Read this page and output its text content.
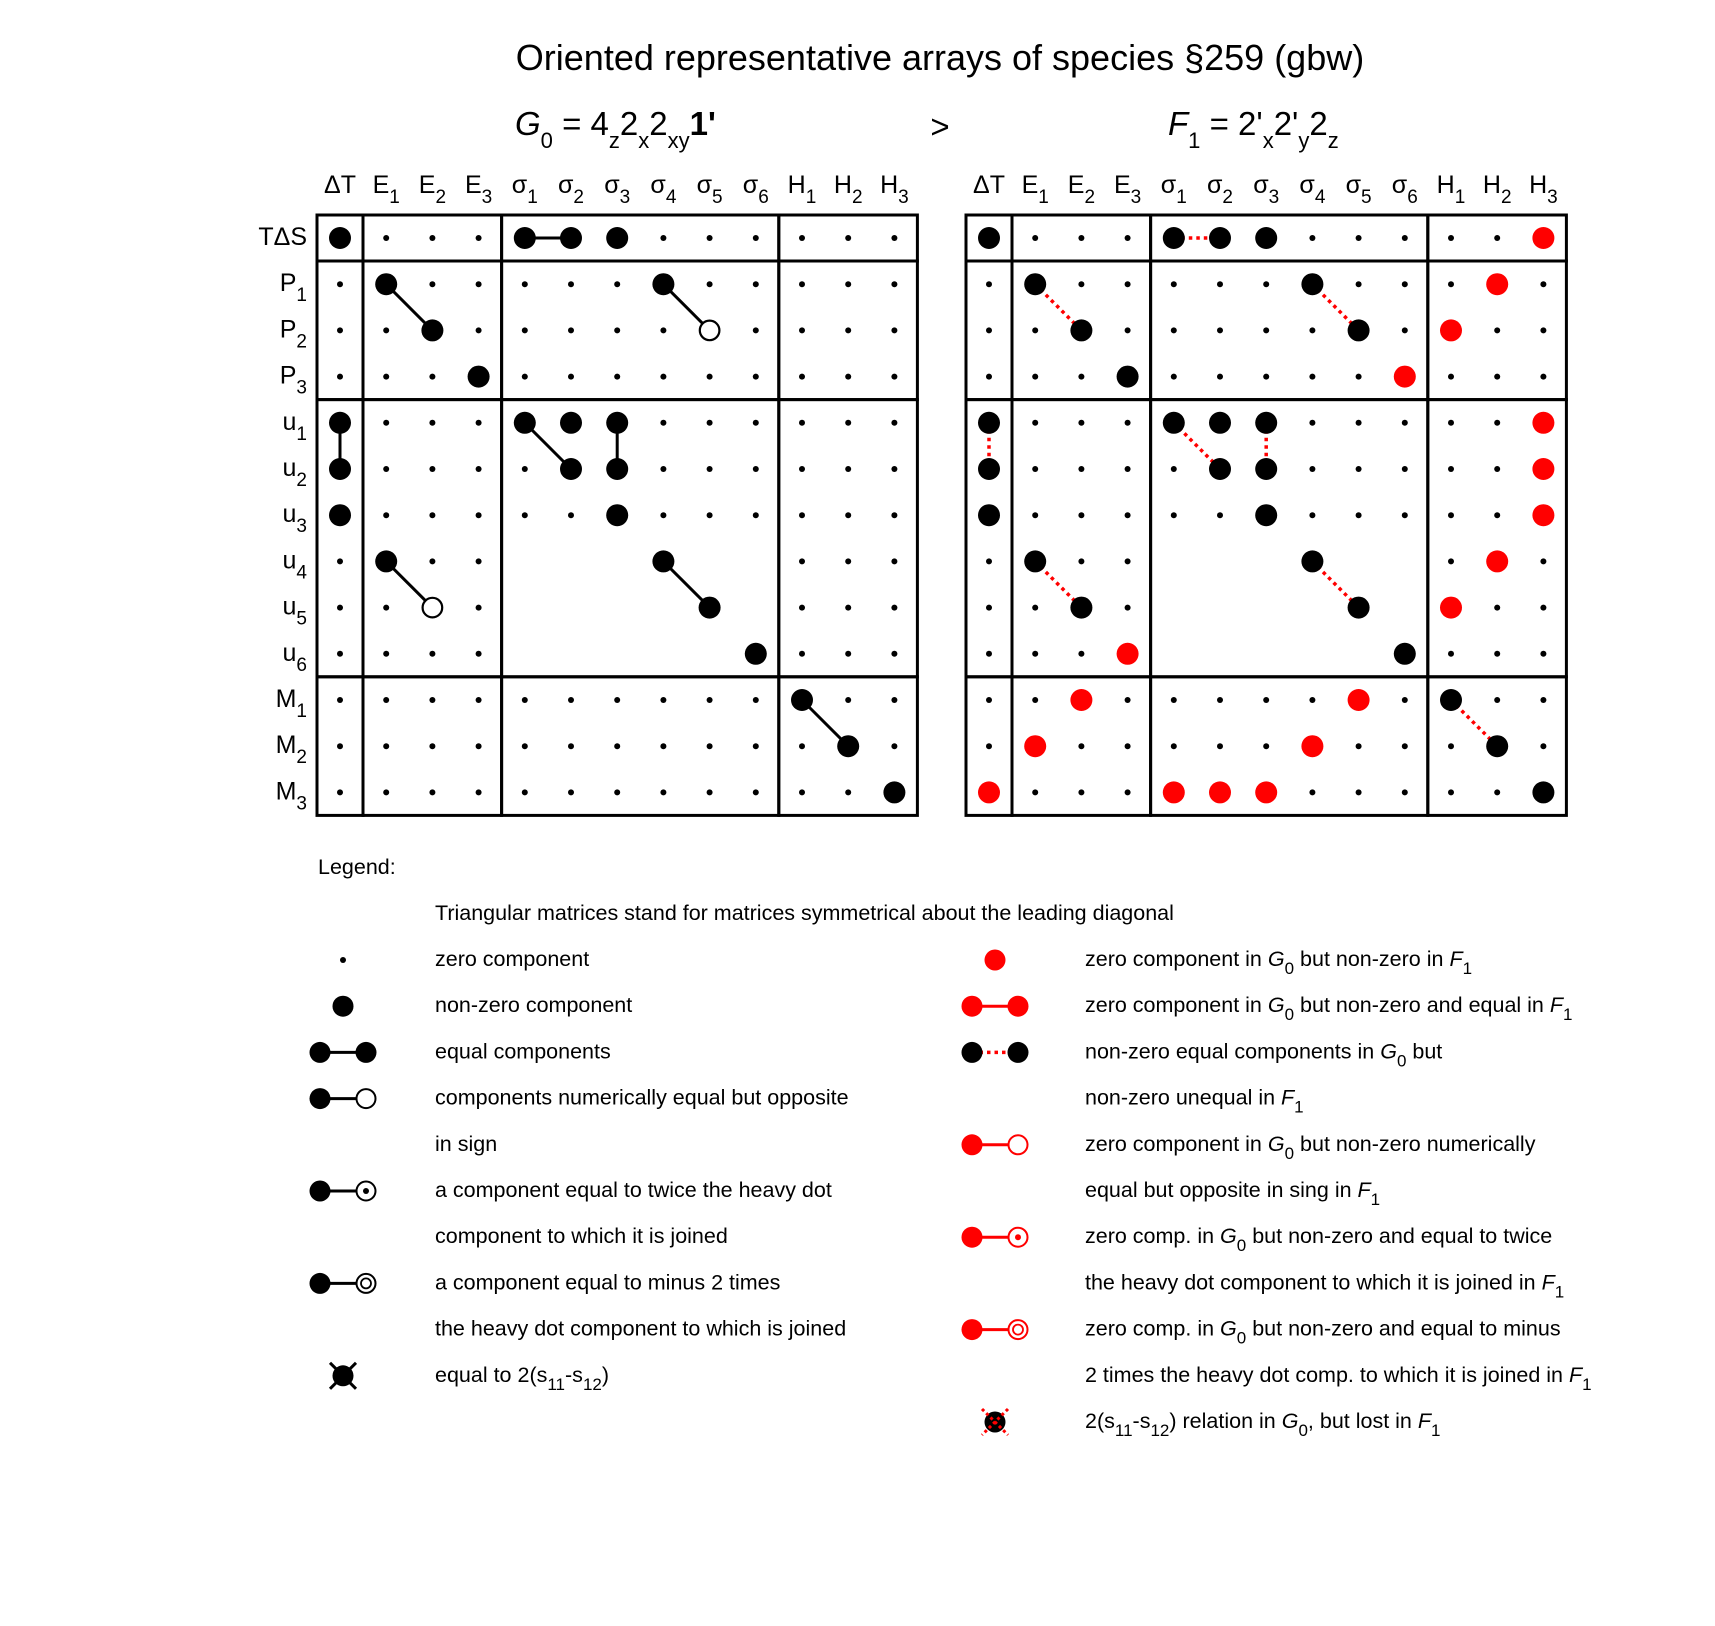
Oriented representative arrays of species §259 (gbw)
>
$G_0 = 4_z2_x2_{xy}1'$	$F_1 = 2'_x2'_y2_z$
ΔT $E_1$ $E_2$ $E_3$ $\sigma_1$ $\sigma_2$ $\sigma_3$ $\sigma_4$ $\sigma_5$ $\sigma_6$ $H_1$ $H_2$ $H_3$
TΔS
$P_1$
$P_2$
$P_3$
$u_1$
$u_2$
$u_3$
$u_4$
$u_5$
$u_6$
$M_1$
$M_2$
$M_3$
ΔT $E_1$ $E_2$ $E_3$ $\sigma_1$ $\sigma_2$ $\sigma_3$ $\sigma_4$ $\sigma_5$ $\sigma_6$ $H_1$ $H_2$ $H_3$
Legend:
Triangular matrices stand for matrices symmetrical about the leading diagonal
zero component
non-zero component
equal components
components numerically equal but opposite
in sign
a component equal to twice the heavy dot
component to which it is joined
a component equal to minus 2 times
the heavy dot component to which is joined
equal to $2(s_{11}-s_{12})$
zero component in $G_0$ but non-zero in $F_1$
zero component in $G_0$ but non-zero and equal in $F_1$
non-zero equal components in $G_0$ but
non-zero unequal in $F_1$
zero component in $G_0$ but non-zero numerically
equal but opposite in sing in $F_1$
zero comp. in $G_0$ but non-zero and equal to twice
the heavy dot component to which it is joined in $F_1$
zero comp. in $G_0$ but non-zero and equal to minus
2 times the heavy dot comp. to which it is joined in $F_1$
$2(s_{11}-s_{12})$ relation in $G_0$, but lost in $F_1$
